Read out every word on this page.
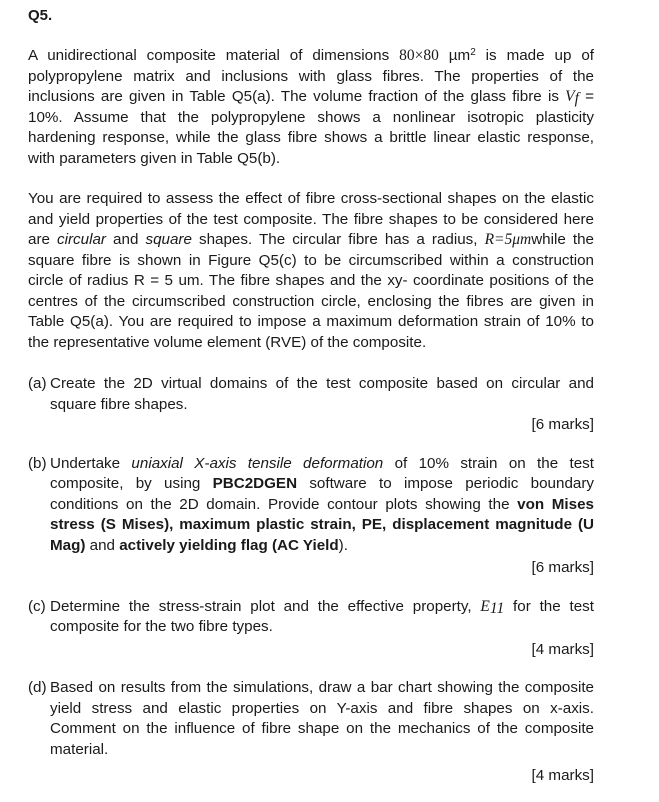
Q5.

A unidirectional composite material of dimensions 80×80 µm$^2$ is made up of polypropylene matrix and inclusions with glass fibres. The properties of the inclusions are given in Table Q5(a). The volume fraction of the glass fibre is $V_f = 10\%$. Assume that the polypropylene shows a nonlinear isotropic plasticity hardening response, while the glass fibre shows a brittle linear elastic response, with parameters given in Table Q5(b).

You are required to assess the effect of fibre cross-sectional shapes on the elastic and yield properties of the test composite. The fibre shapes to be considered here are circular and square shapes. The circular fibre has a radius, R=5μmwhile the square fibre is shown in Figure Q5(c) to be circumscribed within a construction circle of radius R = 5 um. The fibre shapes and the xy- coordinate positions of the centres of the circumscribed construction circle, enclosing the fibres are given in Table Q5(a). You are required to impose a maximum deformation strain of 10% to the representative volume element (RVE) of the composite.

(a) Create the 2D virtual domains of the test composite based on circular and square fibre shapes.
[6 marks]
(b) Undertake uniaxial X-axis tensile deformation of 10% strain on the test composite, by using PBC2DGEN software to impose periodic boundary conditions on the 2D domain. Provide contour plots showing the von Mises stress (S Mises), maximum plastic strain, PE, displacement magnitude (U Mag) and actively yielding flag (AC Yield).
[6 marks]
(c) Determine the stress-strain plot and the effective property, $E_{11}$ for the test composite for the two fibre types.
[4 marks]
(d) Based on results from the simulations, draw a bar chart showing the composite yield stress and elastic properties on Y-axis and fibre shapes on x-axis. Comment on the influence of fibre shape on the mechanics of the composite material.
[4 marks]
